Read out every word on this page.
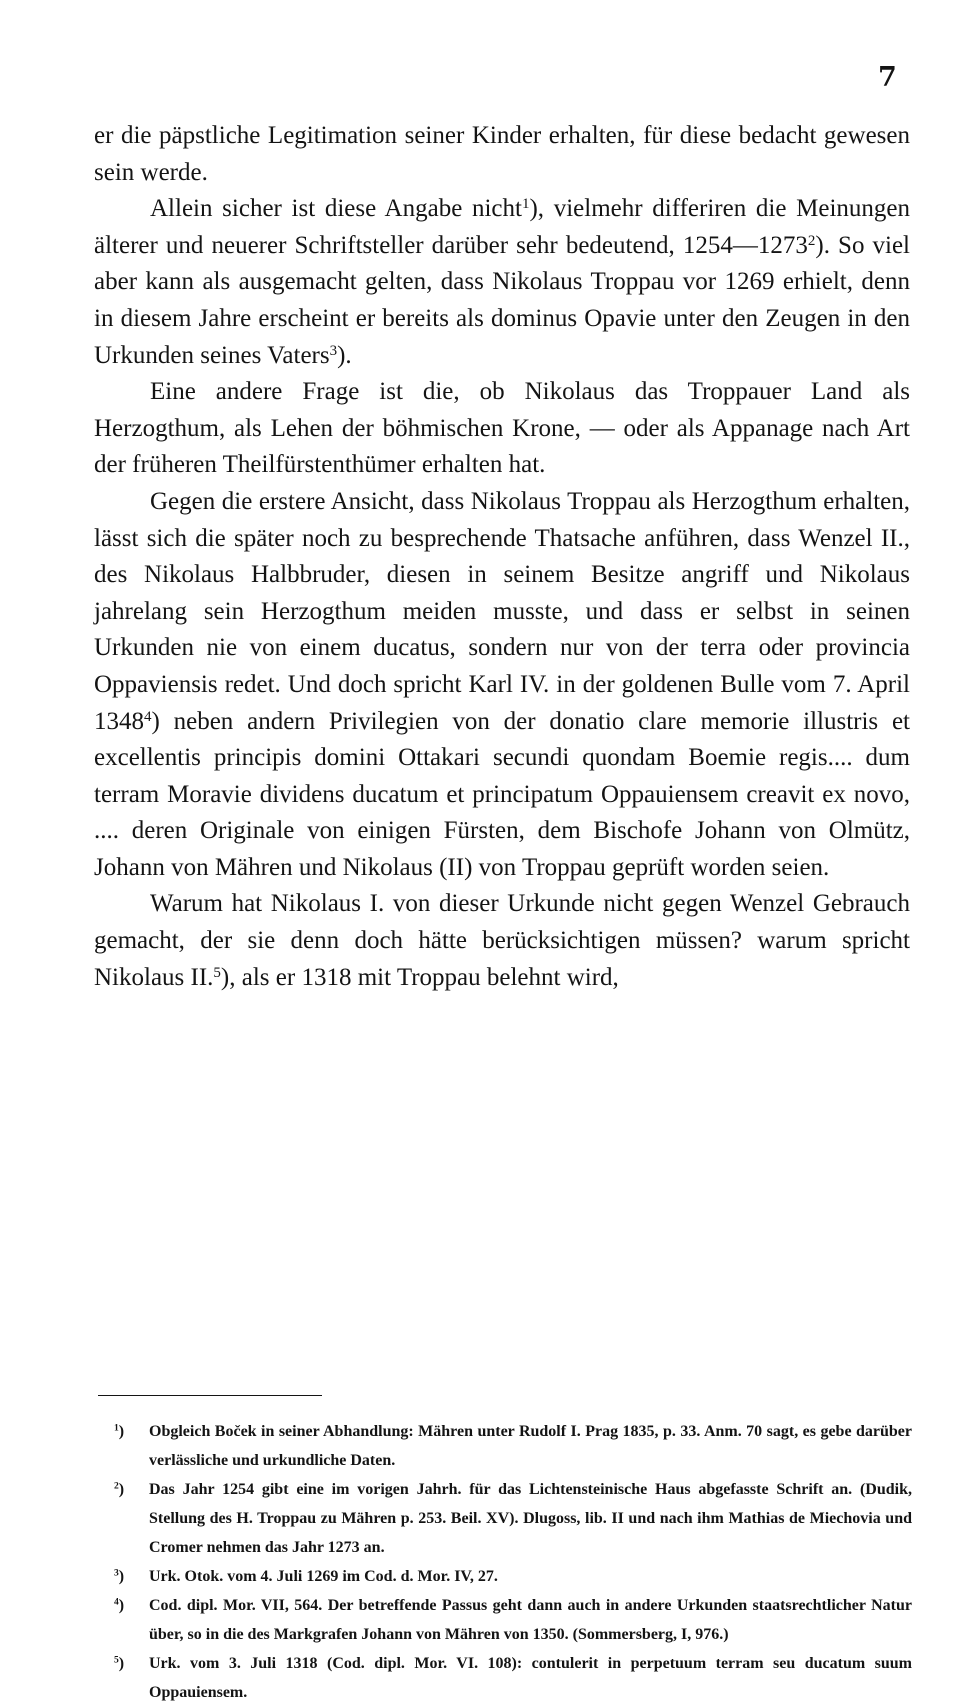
7

er die päpstliche Legitimation seiner Kinder erhalten, für diese bedacht gewesen sein werde.

Allein sicher ist diese Angabe nicht$^1$), vielmehr differiren die Meinungen älterer und neuerer Schriftsteller darüber sehr bedeutend, 1254—1273$^2$). So viel aber kann als ausgemacht gelten, dass Nikolaus Troppau vor 1269 erhielt, denn in diesem Jahre erscheint er bereits als dominus Opavie unter den Zeugen in den Urkunden seines Vaters$^3$).

Eine andere Frage ist die, ob Nikolaus das Troppauer Land als Herzogthum, als Lehen der böhmischen Krone, — oder als Appanage nach Art der früheren Theilfürstenthümer erhalten hat.

Gegen die erstere Ansicht, dass Nikolaus Troppau als Herzogthum erhalten, lässt sich die später noch zu besprechende Thatsache anführen, dass Wenzel II., des Nikolaus Halbbruder, diesen in seinem Besitze angriff und Nikolaus jahrelang sein Herzogthum meiden musste, und dass er selbst in seinen Urkunden nie von einem ducatus, sondern nur von der terra oder provincia Oppaviensis redet. Und doch spricht Karl IV. in der goldenen Bulle vom 7. April 1348$^4$) neben andern Privilegien von der donatio clare memorie illustris et excellentis principis domini Ottakari secundi quondam Boemie regis.... dum terram Moravie dividens ducatum et principatum Oppauiensem creavit ex novo, .... deren Originale von einigen Fürsten, dem Bischofe Johann von Olmütz, Johann von Mähren und Nikolaus (II) von Troppau geprüft worden seien.

Warum hat Nikolaus I. von dieser Urkunde nicht gegen Wenzel Gebrauch gemacht, der sie denn doch hätte berücksichtigen müssen? warum spricht Nikolaus II.$^5$), als er 1318 mit Troppau belehnt wird,

$^1$) Obgleich Boček in seiner Abhandlung: Mähren unter Rudolf I. Prag 1835, p. 33. Anm. 70 sagt, es gebe darüber verlässliche und urkundliche Daten.
$^2$) Das Jahr 1254 gibt eine im vorigen Jahrh. für das Lichtensteinische Haus abgefasste Schrift an. (Dudik, Stellung des H. Troppau zu Mähren p. 253. Beil. XV). Dlugoss, lib. II und nach ihm Mathias de Miechovia und Cromer nehmen das Jahr 1273 an.
$^3$) Urk. Otok. vom 4. Juli 1269 im Cod. d. Mor. IV, 27.
$^4$) Cod. dipl. Mor. VII, 564. Der betreffende Passus geht dann auch in andere Urkunden staatsrechtlicher Natur über, so in die des Markgrafen Johann von Mähren von 1350. (Sommersberg, I, 976.)
$^5$) Urk. vom 3. Juli 1318 (Cod. dipl. Mor. VI. 108): contulerit in perpetuum terram seu ducatum suum Oppauiensem.
